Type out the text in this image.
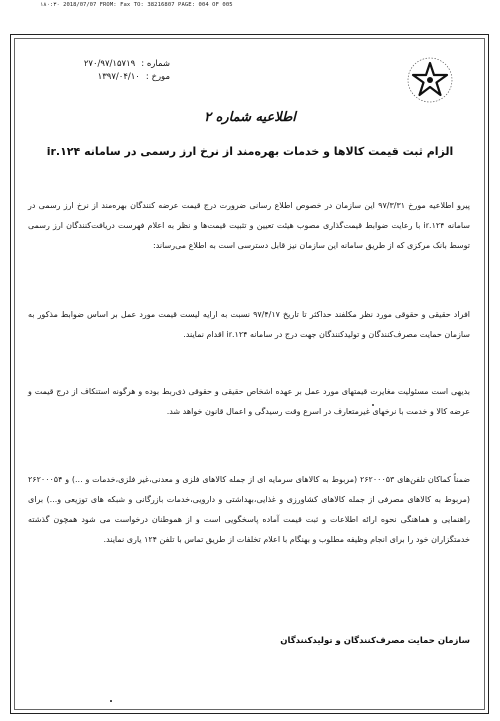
۱۸۰:۳۰ 2018/07/07 FROM: Fax TO: 38216807 PAGE: 004 OF 005
شماره :
۲۷۰/۹۷/۱۵۷۱۹
مورخ :
۱۳۹۷/۰۴/۱۰
اطلاعیه شماره ۲
الزام ثبت قیمت کالاها و خدمات بهره‌مند از نرخ ارز رسمی در سامانه ۱۲۴.ir
پیرو اطلاعیه مورخ ۹۷/۳/۳۱ این سازمان در خصوص اطلاع رسانی ضرورت درج قیمت عرضه کنندگان بهره‌مند از نرخ ارز رسمی در سامانه ۱۲۴.ir با رعایت ضوابط قیمت‌گذاری مصوب هیئت تعیین و تثبیت قیمت‌ها و نظر به اعلام فهرست دریافت‌کنندگان ارز رسمی توسط بانک مرکزی که از طریق سامانه این سازمان نیز قابل دسترسی است به اطلاع می‌رساند:
افراد حقیقی و حقوقی مورد نظر مکلفند حداکثر تا تاریخ ۹۷/۴/۱۷ نسبت به ارایه لیست قیمت مورد عمل بر اساس ضوابط مذکور به سازمان حمایت مصرف‌کنندگان و تولیدکنندگان جهت درج در سامانه ۱۲۴.ir اقدام نمایند.
بدیهی است مسئولیت مغایرت قیمتهای مورد عمل بر عهده اشخاص حقیقی و حقوقی ذی‌ربط بوده و هرگونه استنکاف از درج قیمت و عرضه کالا و خدمت با نرخهای غیرمتعارف در اسرع وقت رسیدگی و اعمال قانون خواهد شد.
ضمناً کماکان تلفن‌های ۲۶۲۰۰۰۵۳ (مربوط به کالاهای سرمایه ای از جمله کالاهای فلزی و معدنی،غیر فلزی،خدمات و ...) و ۲۶۲۰۰۰۵۴ (مربوط به کالاهای مصرفی از جمله کالاهای کشاورزی و غذایی،بهداشتی و دارویی،خدمات بازرگانی و شبکه های توزیعی و...) برای راهنمایی و هماهنگی نحوه ارائه اطلاعات و ثبت قیمت آماده پاسخگویی است و از هموطنان درخواست می شود همچون گذشته خدمتگزاران خود را برای انجام وظیفه مطلوب و بهنگام با اعلام تخلفات از طریق تماس با تلفن ۱۲۴ یاری نمایند.
سازمان حمایت مصرف‌کنندگان و تولیدکنندگان
